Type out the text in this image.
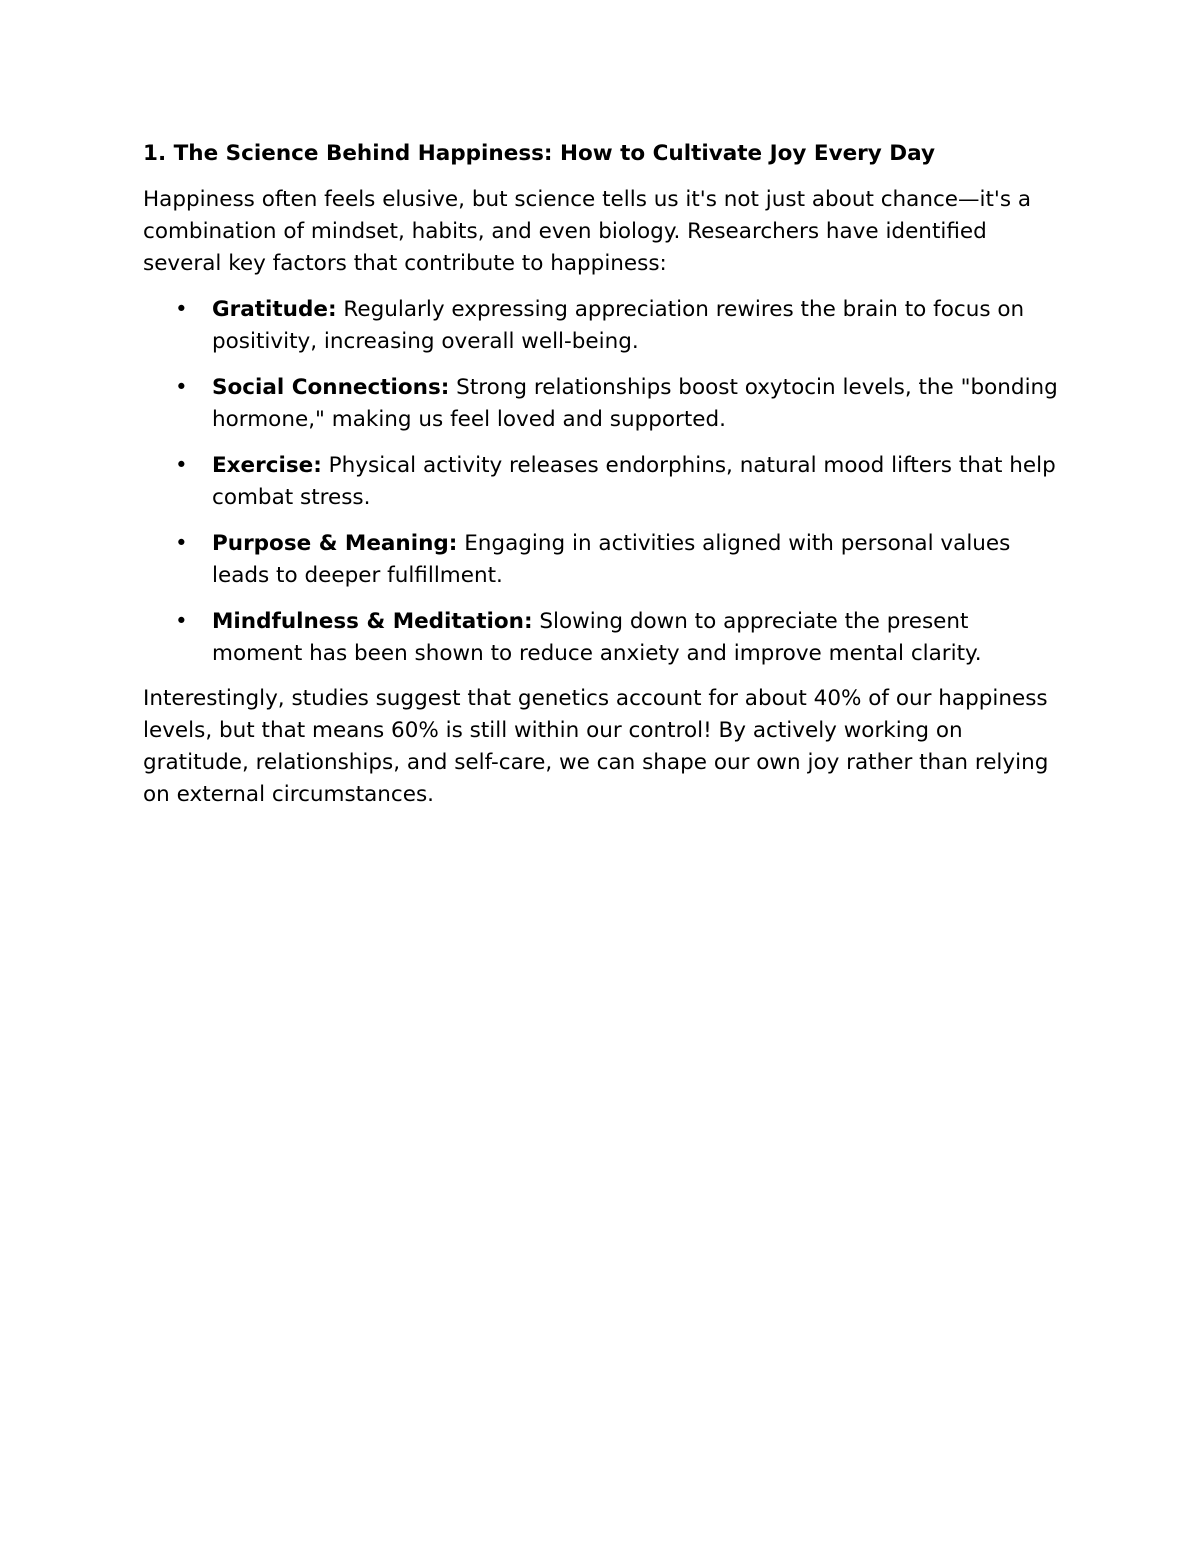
1. The Science Behind Happiness: How to Cultivate Joy Every Day

Happiness often feels elusive, but science tells us it's not just about chance—it's a combination of mindset, habits, and even biology. Researchers have identified several key factors that contribute to happiness:

• Gratitude: Regularly expressing appreciation rewires the brain to focus on positivity, increasing overall well-being.
• Social Connections: Strong relationships boost oxytocin levels, the "bonding hormone," making us feel loved and supported.
• Exercise: Physical activity releases endorphins, natural mood lifters that help combat stress.
• Purpose & Meaning: Engaging in activities aligned with personal values leads to deeper fulfillment.
• Mindfulness & Meditation: Slowing down to appreciate the present moment has been shown to reduce anxiety and improve mental clarity.

Interestingly, studies suggest that genetics account for about 40% of our happiness levels, but that means 60% is still within our control! By actively working on gratitude, relationships, and self-care, we can shape our own joy rather than relying on external circumstances.
